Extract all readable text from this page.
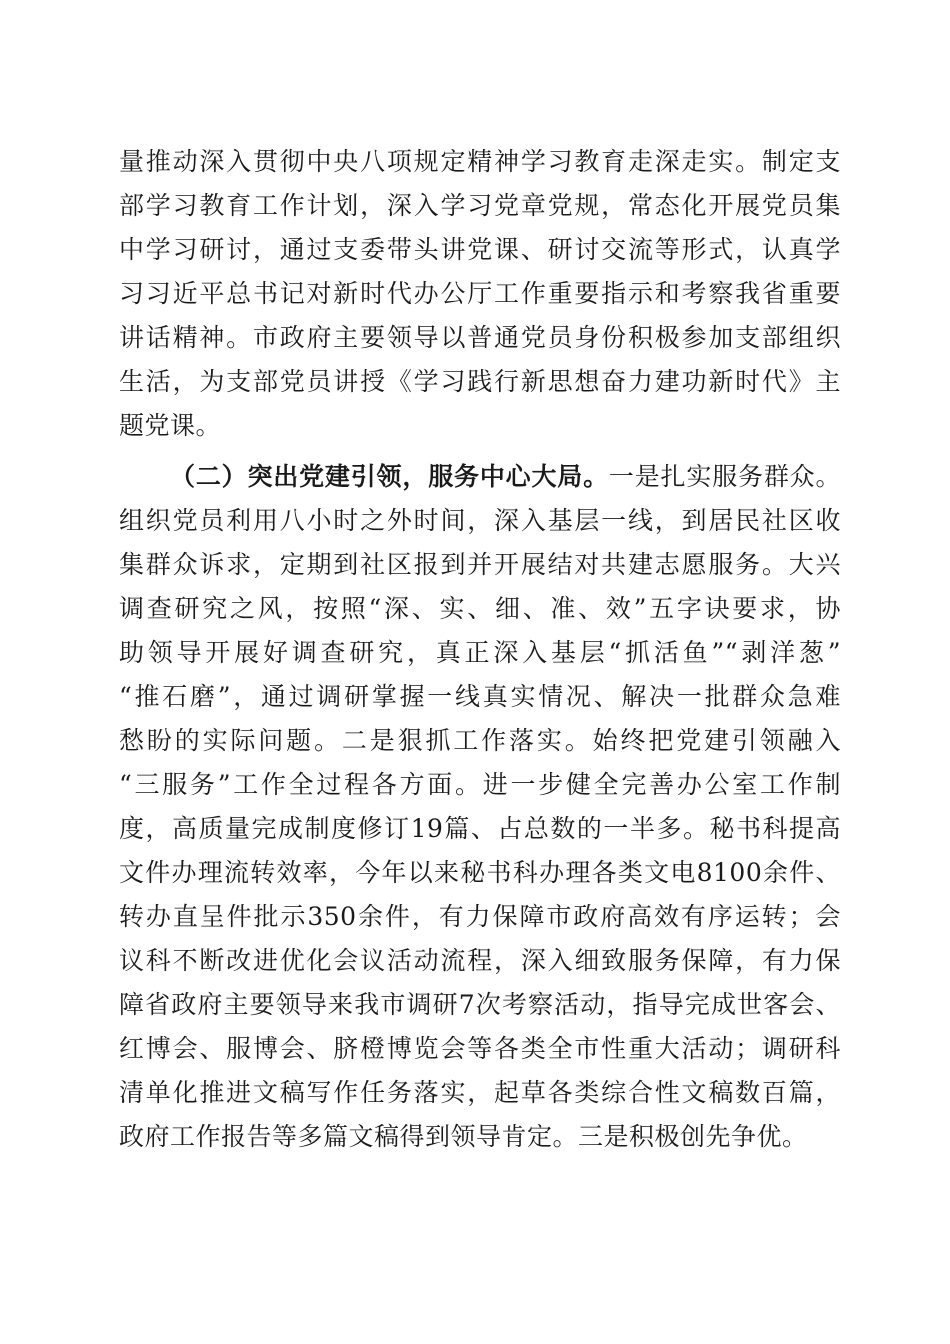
量推动深入贯彻中央八项规定精神学习教育走深走实。制定支
部学习教育工作计划，深入学习党章党规，常态化开展党员集
中学习研讨，通过支委带头讲党课、研讨交流等形式，认真学
习习近平总书记对新时代办公厅工作重要指示和考察我省重要
讲话精神。市政府主要领导以普通党员身份积极参加支部组织
生活，为支部党员讲授《学习践行新思想奋力建功新时代》主
题党课。
（二）突出党建引领，服务中心大局。一是扎实服务群众。
组织党员利用八小时之外时间，深入基层一线，到居民社区收
集群众诉求，定期到社区报到并开展结对共建志愿服务。大兴
调查研究之风，按照“深、实、细、准、效”五字诀要求，协
助领导开展好调查研究，真正深入基层“抓活鱼”“剥洋葱”
“推石磨”，通过调研掌握一线真实情况、解决一批群众急难
愁盼的实际问题。二是狠抓工作落实。始终把党建引领融入
“三服务”工作全过程各方面。进一步健全完善办公室工作制
度，高质量完成制度修订19篇、占总数的一半多。秘书科提高
文件办理流转效率，今年以来秘书科办理各类文电8100余件、
转办直呈件批示350余件，有力保障市政府高效有序运转；会
议科不断改进优化会议活动流程，深入细致服务保障，有力保
障省政府主要领导来我市调研7次考察活动，指导完成世客会、
红博会、服博会、脐橙博览会等各类全市性重大活动；调研科
清单化推进文稿写作任务落实，起草各类综合性文稿数百篇，
政府工作报告等多篇文稿得到领导肯定。三是积极创先争优。
